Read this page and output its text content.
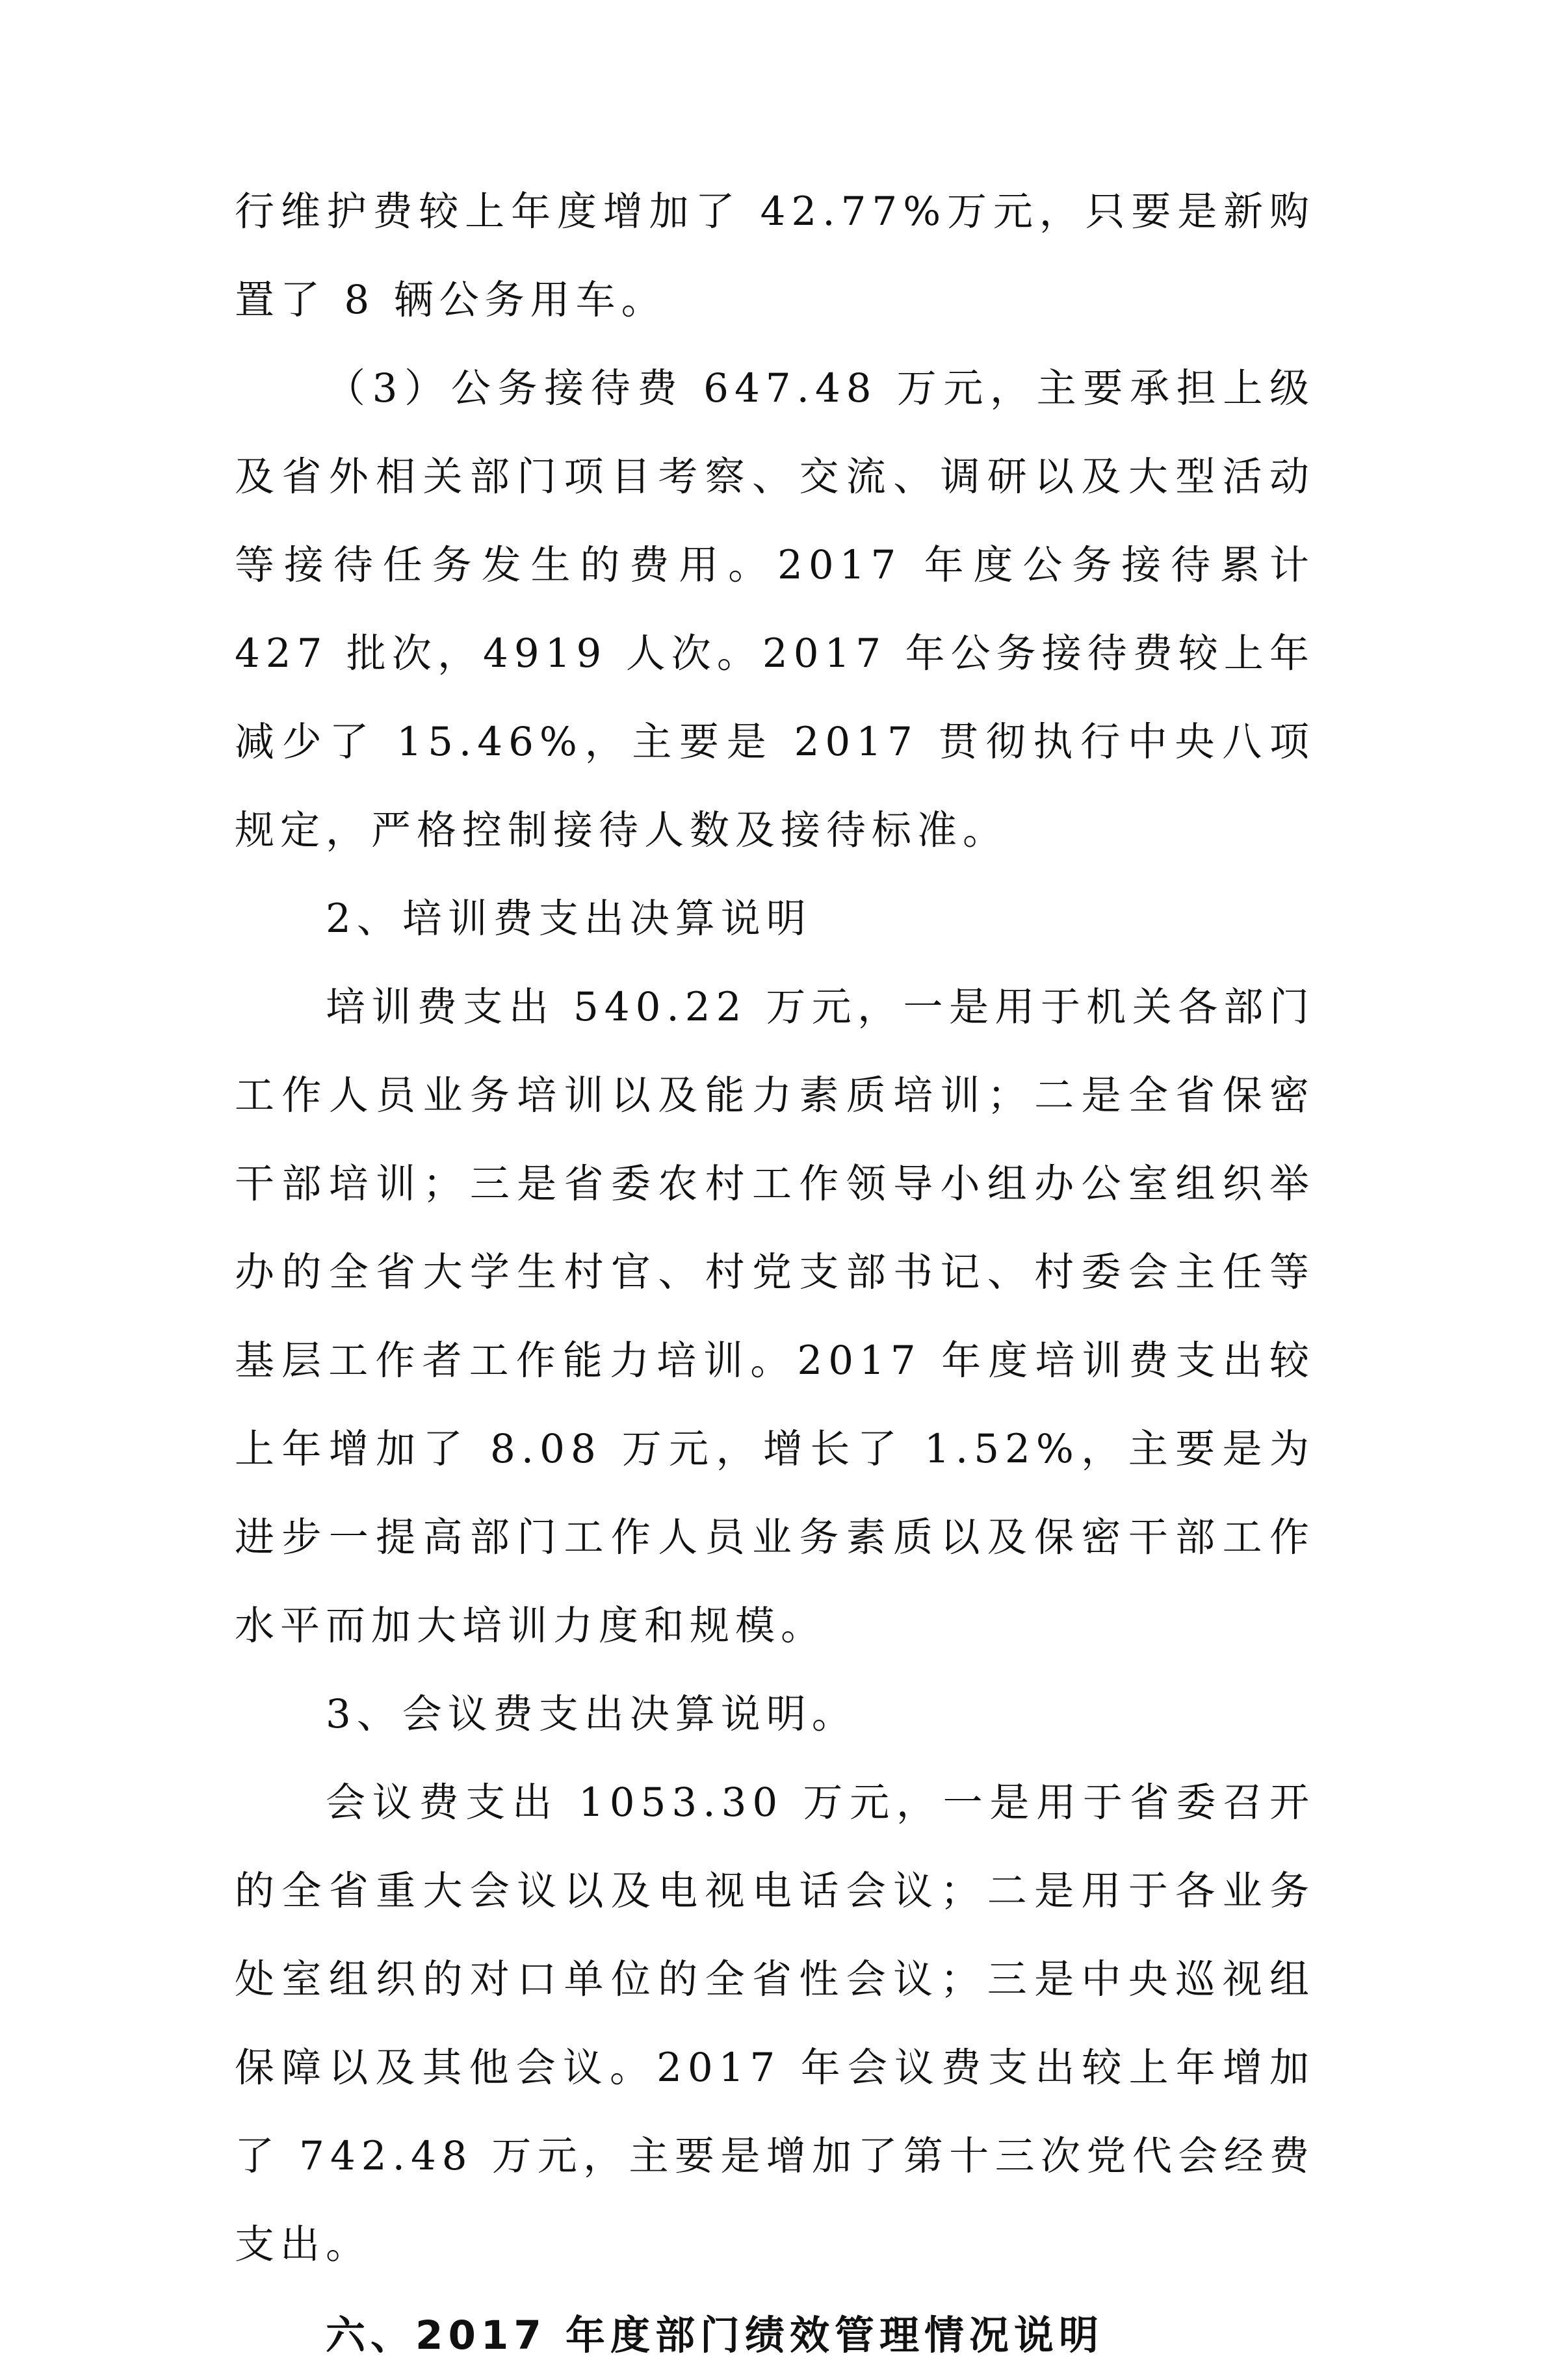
行维护费较上年度增加了 42.77%万元，只要是新购置了 8 辆公务用车。

（3）公务接待费 647.48 万元，主要承担上级及省外相关部门项目考察、交流、调研以及大型活动等接待任务发生的费用。2017 年度公务接待累计 427 批次，4919 人次。2017 年公务接待费较上年减少了 15.46%，主要是 2017 贯彻执行中央八项规定，严格控制接待人数及接待标准。

2、培训费支出决算说明

培训费支出 540.22 万元，一是用于机关各部门工作人员业务培训以及能力素质培训；二是全省保密干部培训；三是省委农村工作领导小组办公室组织举办的全省大学生村官、村党支部书记、村委会主任等基层工作者工作能力培训。2017 年度培训费支出较上年增加了 8.08 万元，增长了 1.52%，主要是为进步一提高部门工作人员业务素质以及保密干部工作水平而加大培训力度和规模。

3、会议费支出决算说明。

会议费支出 1053.30 万元，一是用于省委召开的全省重大会议以及电视电话会议；二是用于各业务处室组织的对口单位的全省性会议；三是中央巡视组保障以及其他会议。2017 年会议费支出较上年增加了 742.48 万元，主要是增加了第十三次党代会经费支出。

六、2017 年度部门绩效管理情况说明
